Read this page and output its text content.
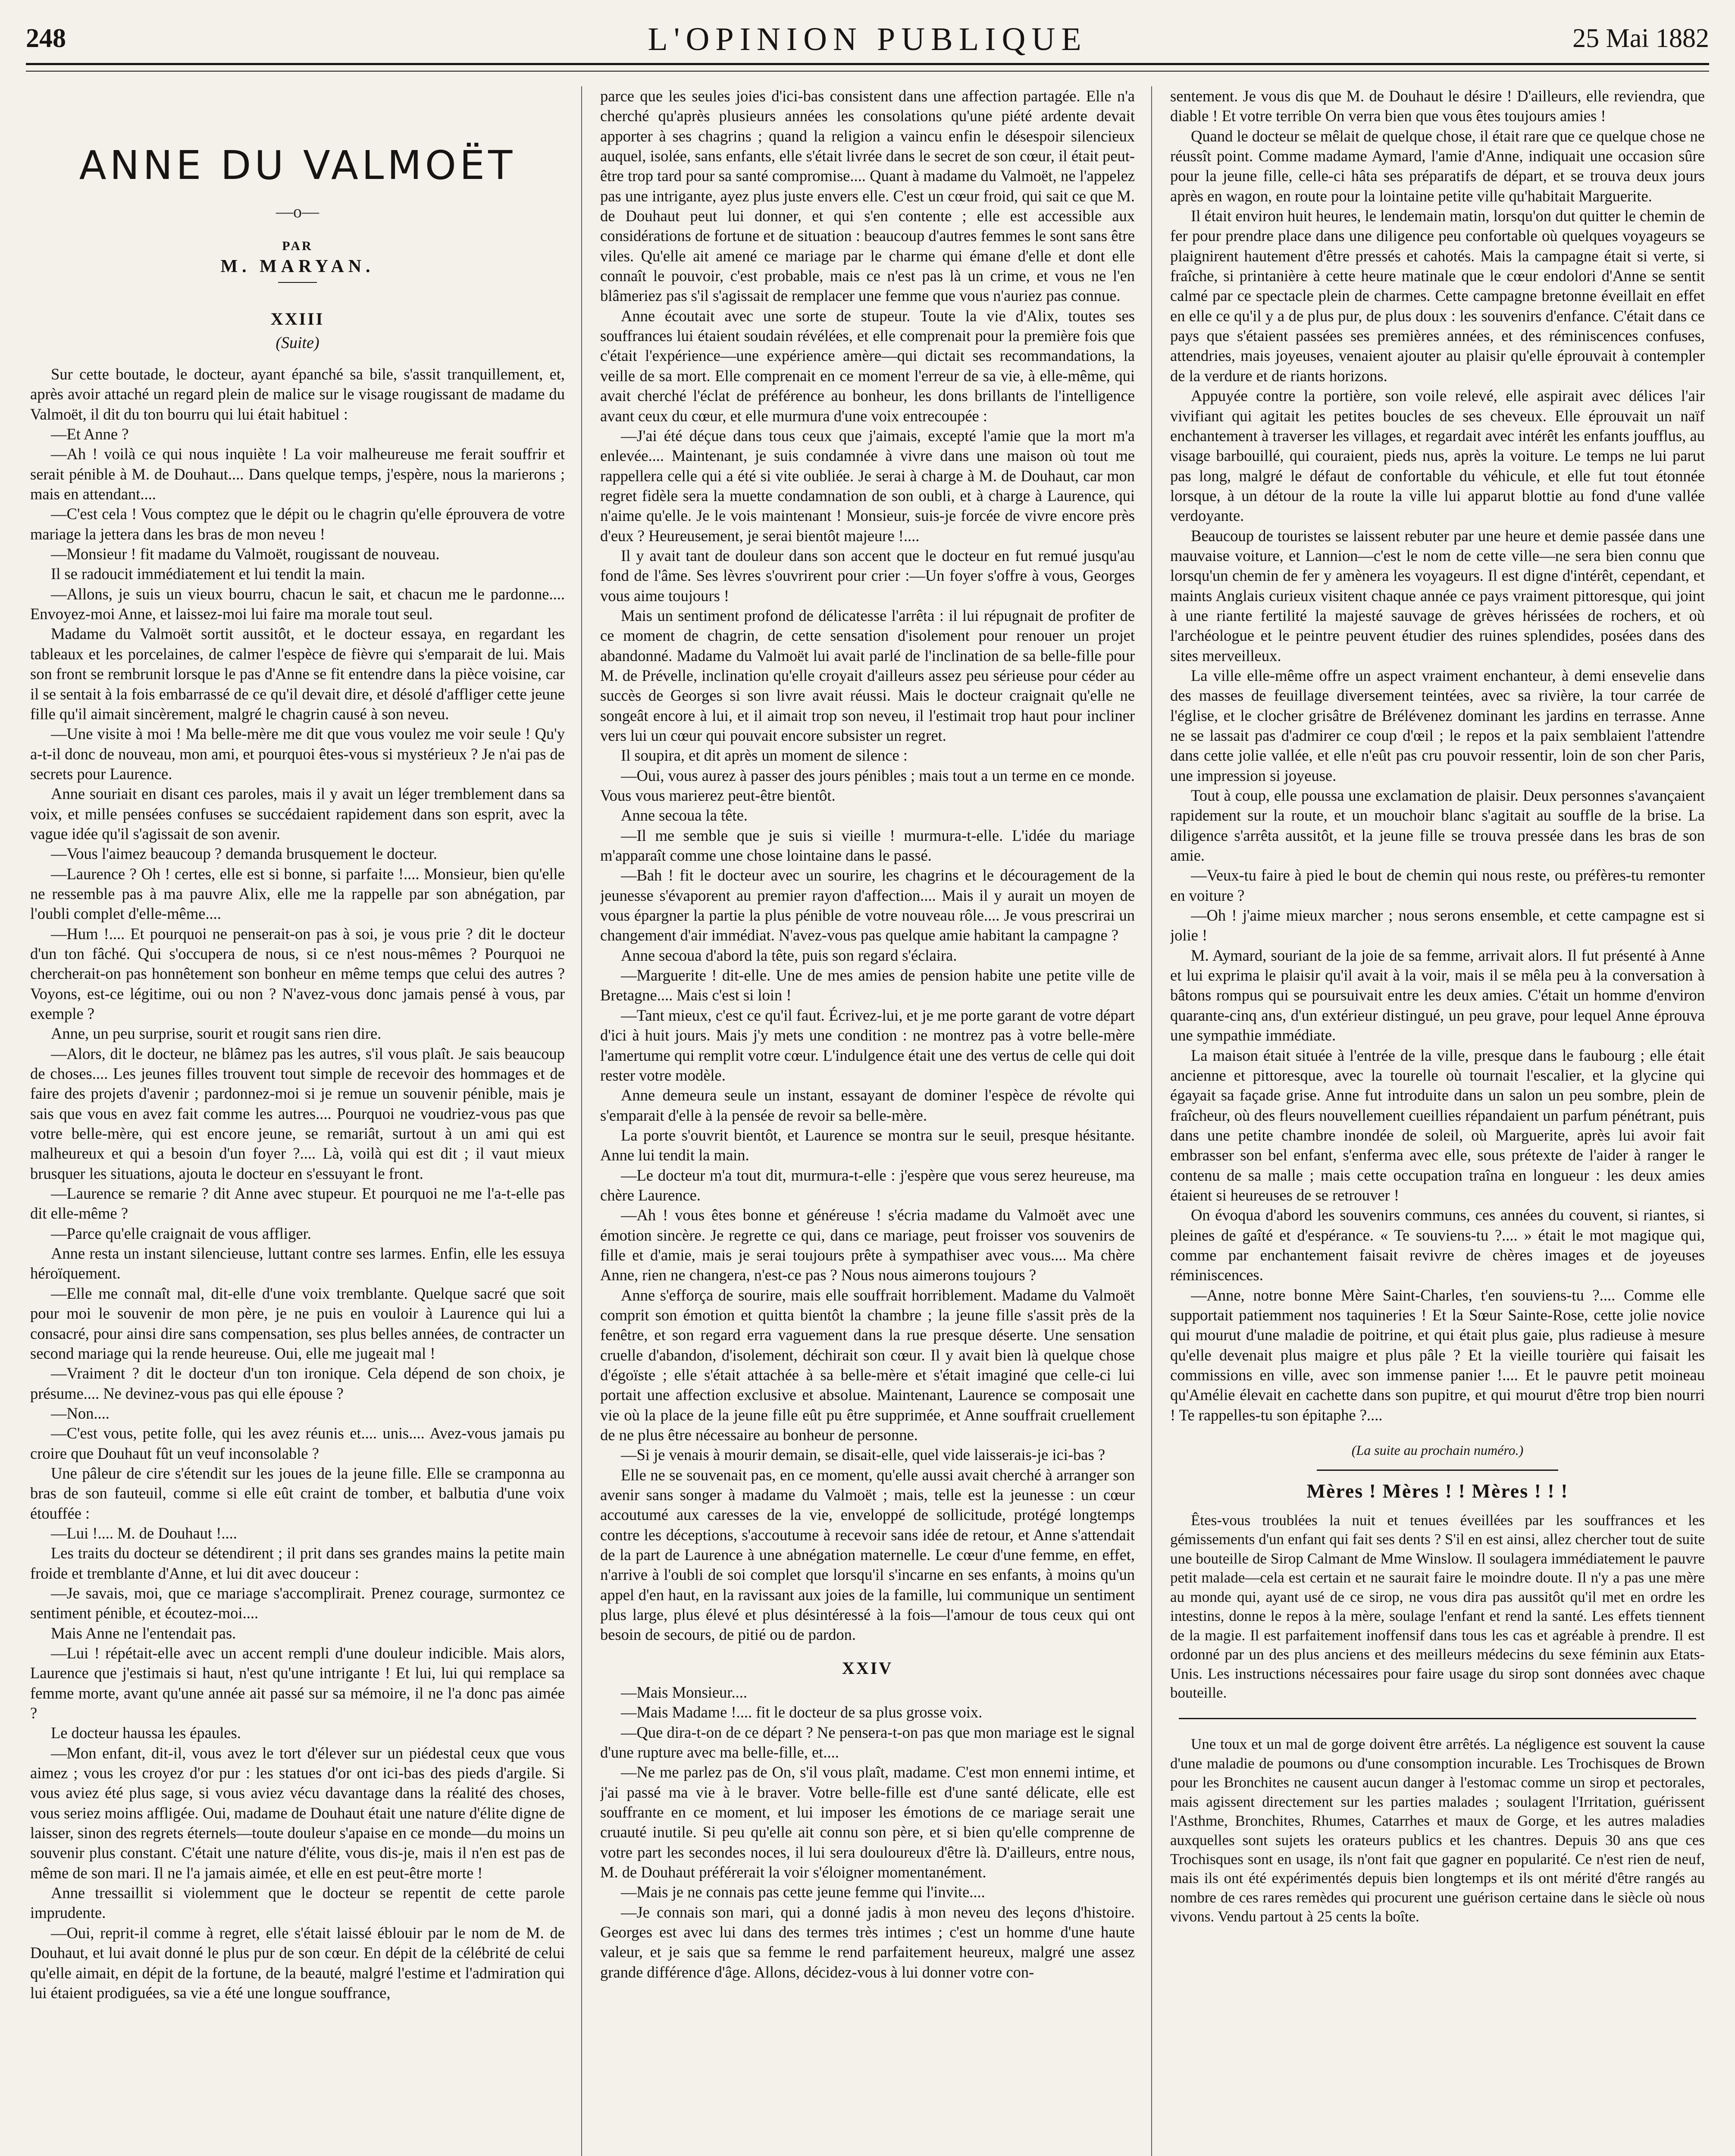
248	L'OPINION PUBLIQUE	25 Mai 1882
ANNE DU VALMOËT
—o—

PAR

M. MARYAN.

XXIII
(Suite)

Sur cette boutade, le docteur, ayant épanché sa bile, s'assit tranquillement, et, après avoir attaché un regard plein de malice sur le visage rougissant de madame du Valmoët, il dit du ton bourru qui lui était habituel :

—Et Anne ?

—Ah ! voilà ce qui nous inquiète ! La voir malheureuse me ferait souffrir et serait pénible à M. de Douhaut.... Dans quelque temps, j'espère, nous la marierons ; mais en attendant....

—C'est cela ! Vous comptez que le dépit ou le chagrin qu'elle éprouvera de votre mariage la jettera dans les bras de mon neveu !

—Monsieur ! fit madame du Valmoët, rougissant de nouveau.

Il se radoucit immédiatement et lui tendit la main.

—Allons, je suis un vieux bourru, chacun le sait, et chacun me le pardonne.... Envoyez-moi Anne, et laissez-moi lui faire ma morale tout seul.

Madame du Valmoët sortit aussitôt, et le docteur essaya, en regardant les tableaux et les porcelaines, de calmer l'espèce de fièvre qui s'emparait de lui. Mais son front se rembrunit lorsque le pas d'Anne se fit entendre dans la pièce voisine, car il se sentait à la fois embarrassé de ce qu'il devait dire, et désolé d'affliger cette jeune fille qu'il aimait sincèrement, malgré le chagrin causé à son neveu.

—Une visite à moi ! Ma belle-mère me dit que vous voulez me voir seule ! Qu'y a-t-il donc de nouveau, mon ami, et pourquoi êtes-vous si mystérieux ? Je n'ai pas de secrets pour Laurence.

Anne souriait en disant ces paroles, mais il y avait un léger tremblement dans sa voix, et mille pensées confuses se succédaient rapidement dans son esprit, avec la vague idée qu'il s'agissait de son avenir.

—Vous l'aimez beaucoup ? demanda brusquement le docteur.

—Laurence ? Oh ! certes, elle est si bonne, si parfaite !.... Monsieur, bien qu'elle ne ressemble pas à ma pauvre Alix, elle me la rappelle par son abnégation, par l'oubli complet d'elle-même....

—Hum !.... Et pourquoi ne penserait-on pas à soi, je vous prie ? dit le docteur d'un ton fâché. Qui s'occupera de nous, si ce n'est nous-mêmes ? Pourquoi ne chercherait-on pas honnêtement son bonheur en même temps que celui des autres ? Voyons, est-ce légitime, oui ou non ? N'avez-vous donc jamais pensé à vous, par exemple ?

Anne, un peu surprise, sourit et rougit sans rien dire.

—Alors, dit le docteur, ne blâmez pas les autres, s'il vous plaît. Je sais beaucoup de choses.... Les jeunes filles trouvent tout simple de recevoir des hommages et de faire des projets d'avenir ; pardonnez-moi si je remue un souvenir pénible, mais je sais que vous en avez fait comme les autres.... Pourquoi ne voudriez-vous pas que votre belle-mère, qui est encore jeune, se remariât, surtout à un ami qui est malheureux et qui a besoin d'un foyer ?.... Là, voilà qui est dit ; il vaut mieux brusquer les situations, ajouta le docteur en s'essuyant le front.

—Laurence se remarie ? dit Anne avec stupeur. Et pourquoi ne me l'a-t-elle pas dit elle-même ?

—Parce qu'elle craignait de vous affliger.

Anne resta un instant silencieuse, luttant contre ses larmes. Enfin, elle les essuya héroïquement.

—Elle me connaît mal, dit-elle d'une voix tremblante. Quelque sacré que soit pour moi le souvenir de mon père, je ne puis en vouloir à Laurence qui lui a consacré, pour ainsi dire sans compensation, ses plus belles années, de contracter un second mariage qui la rende heureuse. Oui, elle me jugeait mal !

—Vraiment ? dit le docteur d'un ton ironique. Cela dépend de son choix, je présume.... Ne devinez-vous pas qui elle épouse ?

—Non....

—C'est vous, petite folle, qui les avez réunis et.... unis.... Avez-vous jamais pu croire que Douhaut fût un veuf inconsolable ?

Une pâleur de cire s'étendit sur les joues de la jeune fille. Elle se cramponna au bras de son fauteuil, comme si elle eût craint de tomber, et balbutia d'une voix étouffée :

—Lui !.... M. de Douhaut !....

Les traits du docteur se détendirent ; il prit dans ses grandes mains la petite main froide et tremblante d'Anne, et lui dit avec douceur :

—Je savais, moi, que ce mariage s'accomplirait. Prenez courage, surmontez ce sentiment pénible, et écoutez-moi....

Mais Anne ne l'entendait pas.

—Lui ! répétait-elle avec un accent rempli d'une douleur indicible. Mais alors, Laurence que j'estimais si haut, n'est qu'une intrigante ! Et lui, lui qui remplace sa femme morte, avant qu'une année ait passé sur sa mémoire, il ne l'a donc pas aimée ?

Le docteur haussa les épaules.

—Mon enfant, dit-il, vous avez le tort d'élever sur un piédestal ceux que vous aimez ; vous les croyez d'or pur : les statues d'or ont ici-bas des pieds d'argile. Si vous aviez été plus sage, si vous aviez vécu davantage dans la réalité des choses, vous seriez moins affligée. Oui, madame de Douhaut était une nature d'élite digne de laisser, sinon des regrets éternels—toute douleur s'apaise en ce monde—du moins un souvenir plus constant. C'était une nature d'élite, vous dis-je, mais il n'en est pas de même de son mari. Il ne l'a jamais aimée, et elle en est peut-être morte !

Anne tressaillit si violemment que le docteur se repentit de cette parole imprudente.

—Oui, reprit-il comme à regret, elle s'était laissé éblouir par le nom de M. de Douhaut, et lui avait donné le plus pur de son cœur. En dépit de la célébrité de celui qu'elle aimait, en dépit de la fortune, de la beauté, malgré l'estime et l'admiration qui lui étaient prodiguées, sa vie a été une longue souffrance,

parce que les seules joies d'ici-bas consistent dans une affection partagée. Elle n'a cherché qu'après plusieurs années les consolations qu'une piété ardente devait apporter à ses chagrins ; quand la religion a vaincu enfin le désespoir silencieux auquel, isolée, sans enfants, elle s'était livrée dans le secret de son cœur, il était peut-être trop tard pour sa santé compromise.... Quant à madame du Valmoët, ne l'appelez pas une intrigante, ayez plus juste envers elle. C'est un cœur froid, qui sait ce que M. de Douhaut peut lui donner, et qui s'en contente ; elle est accessible aux considérations de fortune et de situation : beaucoup d'autres femmes le sont sans être viles. Qu'elle ait amené ce mariage par le charme qui émane d'elle et dont elle connaît le pouvoir, c'est probable, mais ce n'est pas là un crime, et vous ne l'en blâmeriez pas s'il s'agissait de remplacer une femme que vous n'auriez pas connue.

Anne écoutait avec une sorte de stupeur. Toute la vie d'Alix, toutes ses souffrances lui étaient soudain révélées, et elle comprenait pour la première fois que c'était l'expérience—une expérience amère—qui dictait ses recommandations, la veille de sa mort. Elle comprenait en ce moment l'erreur de sa vie, à elle-même, qui avait cherché l'éclat de préférence au bonheur, les dons brillants de l'intelligence avant ceux du cœur, et elle murmura d'une voix entrecoupée :

—J'ai été déçue dans tous ceux que j'aimais, excepté l'amie que la mort m'a enlevée.... Maintenant, je suis condamnée à vivre dans une maison où tout me rappellera celle qui a été si vite oubliée. Je serai à charge à M. de Douhaut, car mon regret fidèle sera la muette condamnation de son oubli, et à charge à Laurence, qui n'aime qu'elle. Je le vois maintenant ! Monsieur, suis-je forcée de vivre encore près d'eux ? Heureusement, je serai bientôt majeure !....

Il y avait tant de douleur dans son accent que le docteur en fut remué jusqu'au fond de l'âme. Ses lèvres s'ouvrirent pour crier :—Un foyer s'offre à vous, Georges vous aime toujours !

Mais un sentiment profond de délicatesse l'arrêta : il lui répugnait de profiter de ce moment de chagrin, de cette sensation d'isolement pour renouer un projet abandonné. Madame du Valmoët lui avait parlé de l'inclination de sa belle-fille pour M. de Prévelle, inclination qu'elle croyait d'ailleurs assez peu sérieuse pour céder au succès de Georges si son livre avait réussi. Mais le docteur craignait qu'elle ne songeât encore à lui, et il aimait trop son neveu, il l'estimait trop haut pour incliner vers lui un cœur qui pouvait encore subsister un regret.

Il soupira, et dit après un moment de silence :

—Oui, vous aurez à passer des jours pénibles ; mais tout a un terme en ce monde. Vous vous marierez peut-être bientôt.

Anne secoua la tête.

—Il me semble que je suis si vieille ! murmura-t-elle. L'idée du mariage m'apparaît comme une chose lointaine dans le passé.

—Bah ! fit le docteur avec un sourire, les chagrins et le découragement de la jeunesse s'évaporent au premier rayon d'affection.... Mais il y aurait un moyen de vous épargner la partie la plus pénible de votre nouveau rôle.... Je vous prescrirai un changement d'air immédiat. N'avez-vous pas quelque amie habitant la campagne ?

Anne secoua d'abord la tête, puis son regard s'éclaira.

—Marguerite ! dit-elle. Une de mes amies de pension habite une petite ville de Bretagne.... Mais c'est si loin !

—Tant mieux, c'est ce qu'il faut. Écrivez-lui, et je me porte garant de votre départ d'ici à huit jours. Mais j'y mets une condition : ne montrez pas à votre belle-mère l'amertume qui remplit votre cœur. L'indulgence était une des vertus de celle qui doit rester votre modèle.

Anne demeura seule un instant, essayant de dominer l'espèce de révolte qui s'emparait d'elle à la pensée de revoir sa belle-mère.

La porte s'ouvrit bientôt, et Laurence se montra sur le seuil, presque hésitante. Anne lui tendit la main.

—Le docteur m'a tout dit, murmura-t-elle : j'espère que vous serez heureuse, ma chère Laurence.

—Ah ! vous êtes bonne et généreuse ! s'écria madame du Valmoët avec une émotion sincère. Je regrette ce qui, dans ce mariage, peut froisser vos souvenirs de fille et d'amie, mais je serai toujours prête à sympathiser avec vous.... Ma chère Anne, rien ne changera, n'est-ce pas ? Nous nous aimerons toujours ?

Anne s'efforça de sourire, mais elle souffrait horriblement. Madame du Valmoët comprit son émotion et quitta bientôt la chambre ; la jeune fille s'assit près de la fenêtre, et son regard erra vaguement dans la rue presque déserte. Une sensation cruelle d'abandon, d'isolement, déchirait son cœur. Il y avait bien là quelque chose d'égoïste ; elle s'était attachée à sa belle-mère et s'était imaginé que celle-ci lui portait une affection exclusive et absolue. Maintenant, Laurence se composait une vie où la place de la jeune fille eût pu être supprimée, et Anne souffrait cruellement de ne plus être nécessaire au bonheur de personne.

—Si je venais à mourir demain, se disait-elle, quel vide laisserais-je ici-bas ?

Elle ne se souvenait pas, en ce moment, qu'elle aussi avait cherché à arranger son avenir sans songer à madame du Valmoët ; mais, telle est la jeunesse : un cœur accoutumé aux caresses de la vie, enveloppé de sollicitude, protégé longtemps contre les déceptions, s'accoutume à recevoir sans idée de retour, et Anne s'attendait de la part de Laurence à une abnégation maternelle. Le cœur d'une femme, en effet, n'arrive à l'oubli de soi complet que lorsqu'il s'incarne en ses enfants, à moins qu'un appel d'en haut, en la ravissant aux joies de la famille, lui communique un sentiment plus large, plus élevé et plus désintéressé à la fois—l'amour de tous ceux qui ont besoin de secours, de pitié ou de pardon.

XXIV

—Mais Monsieur....

—Mais Madame !.... fit le docteur de sa plus grosse voix.

—Que dira-t-on de ce départ ? Ne pensera-t-on pas que mon mariage est le signal d'une rupture avec ma belle-fille, et....

—Ne me parlez pas de On, s'il vous plaît, madame. C'est mon ennemi intime, et j'ai passé ma vie à le braver. Votre belle-fille est d'une santé délicate, elle est souffrante en ce moment, et lui imposer les émotions de ce mariage serait une cruauté inutile. Si peu qu'elle ait connu son père, et si bien qu'elle comprenne de votre part les secondes noces, il lui sera douloureux d'être là. D'ailleurs, entre nous, M. de Douhaut préférerait la voir s'éloigner momentanément.

—Mais je ne connais pas cette jeune femme qui l'invite....

—Je connais son mari, qui a donné jadis à mon neveu des leçons d'histoire. Georges est avec lui dans des termes très intimes ; c'est un homme d'une haute valeur, et je sais que sa femme le rend parfaitement heureux, malgré une assez grande différence d'âge. Allons, décidez-vous à lui donner votre con-

sentement. Je vous dis que M. de Douhaut le désire ! D'ailleurs, elle reviendra, que diable ! Et votre terrible On verra bien que vous êtes toujours amies !

Quand le docteur se mêlait de quelque chose, il était rare que ce quelque chose ne réussît point. Comme madame Aymard, l'amie d'Anne, indiquait une occasion sûre pour la jeune fille, celle-ci hâta ses préparatifs de départ, et se trouva deux jours après en wagon, en route pour la lointaine petite ville qu'habitait Marguerite.

Il était environ huit heures, le lendemain matin, lorsqu'on dut quitter le chemin de fer pour prendre place dans une diligence peu confortable où quelques voyageurs se plaignirent hautement d'être pressés et cahotés. Mais la campagne était si verte, si fraîche, si printanière à cette heure matinale que le cœur endolori d'Anne se sentit calmé par ce spectacle plein de charmes. Cette campagne bretonne éveillait en effet en elle ce qu'il y a de plus pur, de plus doux : les souvenirs d'enfance. C'était dans ce pays que s'étaient passées ses premières années, et des réminiscences confuses, attendries, mais joyeuses, venaient ajouter au plaisir qu'elle éprouvait à contempler de la verdure et de riants horizons.

Appuyée contre la portière, son voile relevé, elle aspirait avec délices l'air vivifiant qui agitait les petites boucles de ses cheveux. Elle éprouvait un naïf enchantement à traverser les villages, et regardait avec intérêt les enfants joufflus, au visage barbouillé, qui couraient, pieds nus, après la voiture. Le temps ne lui parut pas long, malgré le défaut de confortable du véhicule, et elle fut tout étonnée lorsque, à un détour de la route la ville lui apparut blottie au fond d'une vallée verdoyante.

Beaucoup de touristes se laissent rebuter par une heure et demie passée dans une mauvaise voiture, et Lannion—c'est le nom de cette ville—ne sera bien connu que lorsqu'un chemin de fer y amènera les voyageurs. Il est digne d'intérêt, cependant, et maints Anglais curieux visitent chaque année ce pays vraiment pittoresque, qui joint à une riante fertilité la majesté sauvage de grèves hérissées de rochers, et où l'archéologue et le peintre peuvent étudier des ruines splendides, posées dans des sites merveilleux.

La ville elle-même offre un aspect vraiment enchanteur, à demi ensevelie dans des masses de feuillage diversement teintées, avec sa rivière, la tour carrée de l'église, et le clocher grisâtre de Brélévenez dominant les jardins en terrasse. Anne ne se lassait pas d'admirer ce coup d'œil ; le repos et la paix semblaient l'attendre dans cette jolie vallée, et elle n'eût pas cru pouvoir ressentir, loin de son cher Paris, une impression si joyeuse.

Tout à coup, elle poussa une exclamation de plaisir. Deux personnes s'avançaient rapidement sur la route, et un mouchoir blanc s'agitait au souffle de la brise. La diligence s'arrêta aussitôt, et la jeune fille se trouva pressée dans les bras de son amie.

—Veux-tu faire à pied le bout de chemin qui nous reste, ou préfères-tu remonter en voiture ?

—Oh ! j'aime mieux marcher ; nous serons ensemble, et cette campagne est si jolie !

M. Aymard, souriant de la joie de sa femme, arrivait alors. Il fut présenté à Anne et lui exprima le plaisir qu'il avait à la voir, mais il se mêla peu à la conversation à bâtons rompus qui se poursuivait entre les deux amies. C'était un homme d'environ quarante-cinq ans, d'un extérieur distingué, un peu grave, pour lequel Anne éprouva une sympathie immédiate.

La maison était située à l'entrée de la ville, presque dans le faubourg ; elle était ancienne et pittoresque, avec la tourelle où tournait l'escalier, et la glycine qui égayait sa façade grise. Anne fut introduite dans un salon un peu sombre, plein de fraîcheur, où des fleurs nouvellement cueillies répandaient un parfum pénétrant, puis dans une petite chambre inondée de soleil, où Marguerite, après lui avoir fait embrasser son bel enfant, s'enferma avec elle, sous prétexte de l'aider à ranger le contenu de sa malle ; mais cette occupation traîna en longueur : les deux amies étaient si heureuses de se retrouver !

On évoqua d'abord les souvenirs communs, ces années du couvent, si riantes, si pleines de gaîté et d'espérance. « Te souviens-tu ?.... » était le mot magique qui, comme par enchantement faisait revivre de chères images et de joyeuses réminiscences.

—Anne, notre bonne Mère Saint-Charles, t'en souviens-tu ?.... Comme elle supportait patiemment nos taquineries ! Et la Sœur Sainte-Rose, cette jolie novice qui mourut d'une maladie de poitrine, et qui était plus gaie, plus radieuse à mesure qu'elle devenait plus maigre et plus pâle ? Et la vieille tourière qui faisait les commissions en ville, avec son immense panier !.... Et le pauvre petit moineau qu'Amélie élevait en cachette dans son pupitre, et qui mourut d'être trop bien nourri ! Te rappelles-tu son épitaphe ?....

(La suite au prochain numéro.)
Mères ! Mères ! ! Mères ! ! !

Êtes-vous troublées la nuit et tenues éveillées par les souffrances et les gémissements d'un enfant qui fait ses dents ? S'il en est ainsi, allez chercher tout de suite une bouteille de Sirop Calmant de Mme Winslow. Il soulagera immédiatement le pauvre petit malade—cela est certain et ne saurait faire le moindre doute. Il n'y a pas une mère au monde qui, ayant usé de ce sirop, ne vous dira pas aussitôt qu'il met en ordre les intestins, donne le repos à la mère, soulage l'enfant et rend la santé. Les effets tiennent de la magie. Il est parfaitement inoffensif dans tous les cas et agréable à prendre. Il est ordonné par un des plus anciens et des meilleurs médecins du sexe féminin aux Etats-Unis. Les instructions nécessaires pour faire usage du sirop sont données avec chaque bouteille.

Une toux et un mal de gorge doivent être arrêtés. La négligence est souvent la cause d'une maladie de poumons ou d'une consomption incurable. Les Trochisques de Brown pour les Bronchites ne causent aucun danger à l'estomac comme un sirop et pectorales, mais agissent directement sur les parties malades ; soulagent l'Irritation, guérissent l'Asthme, Bronchites, Rhumes, Catarrhes et maux de Gorge, et les autres maladies auxquelles sont sujets les orateurs publics et les chantres. Depuis 30 ans que ces Trochisques sont en usage, ils n'ont fait que gagner en popularité. Ce n'est rien de neuf, mais ils ont été expérimentés depuis bien longtemps et ils ont mérité d'être rangés au nombre de ces rares remèdes qui procurent une guérison certaine dans le siècle où nous vivons. Vendu partout à 25 cents la boîte.
